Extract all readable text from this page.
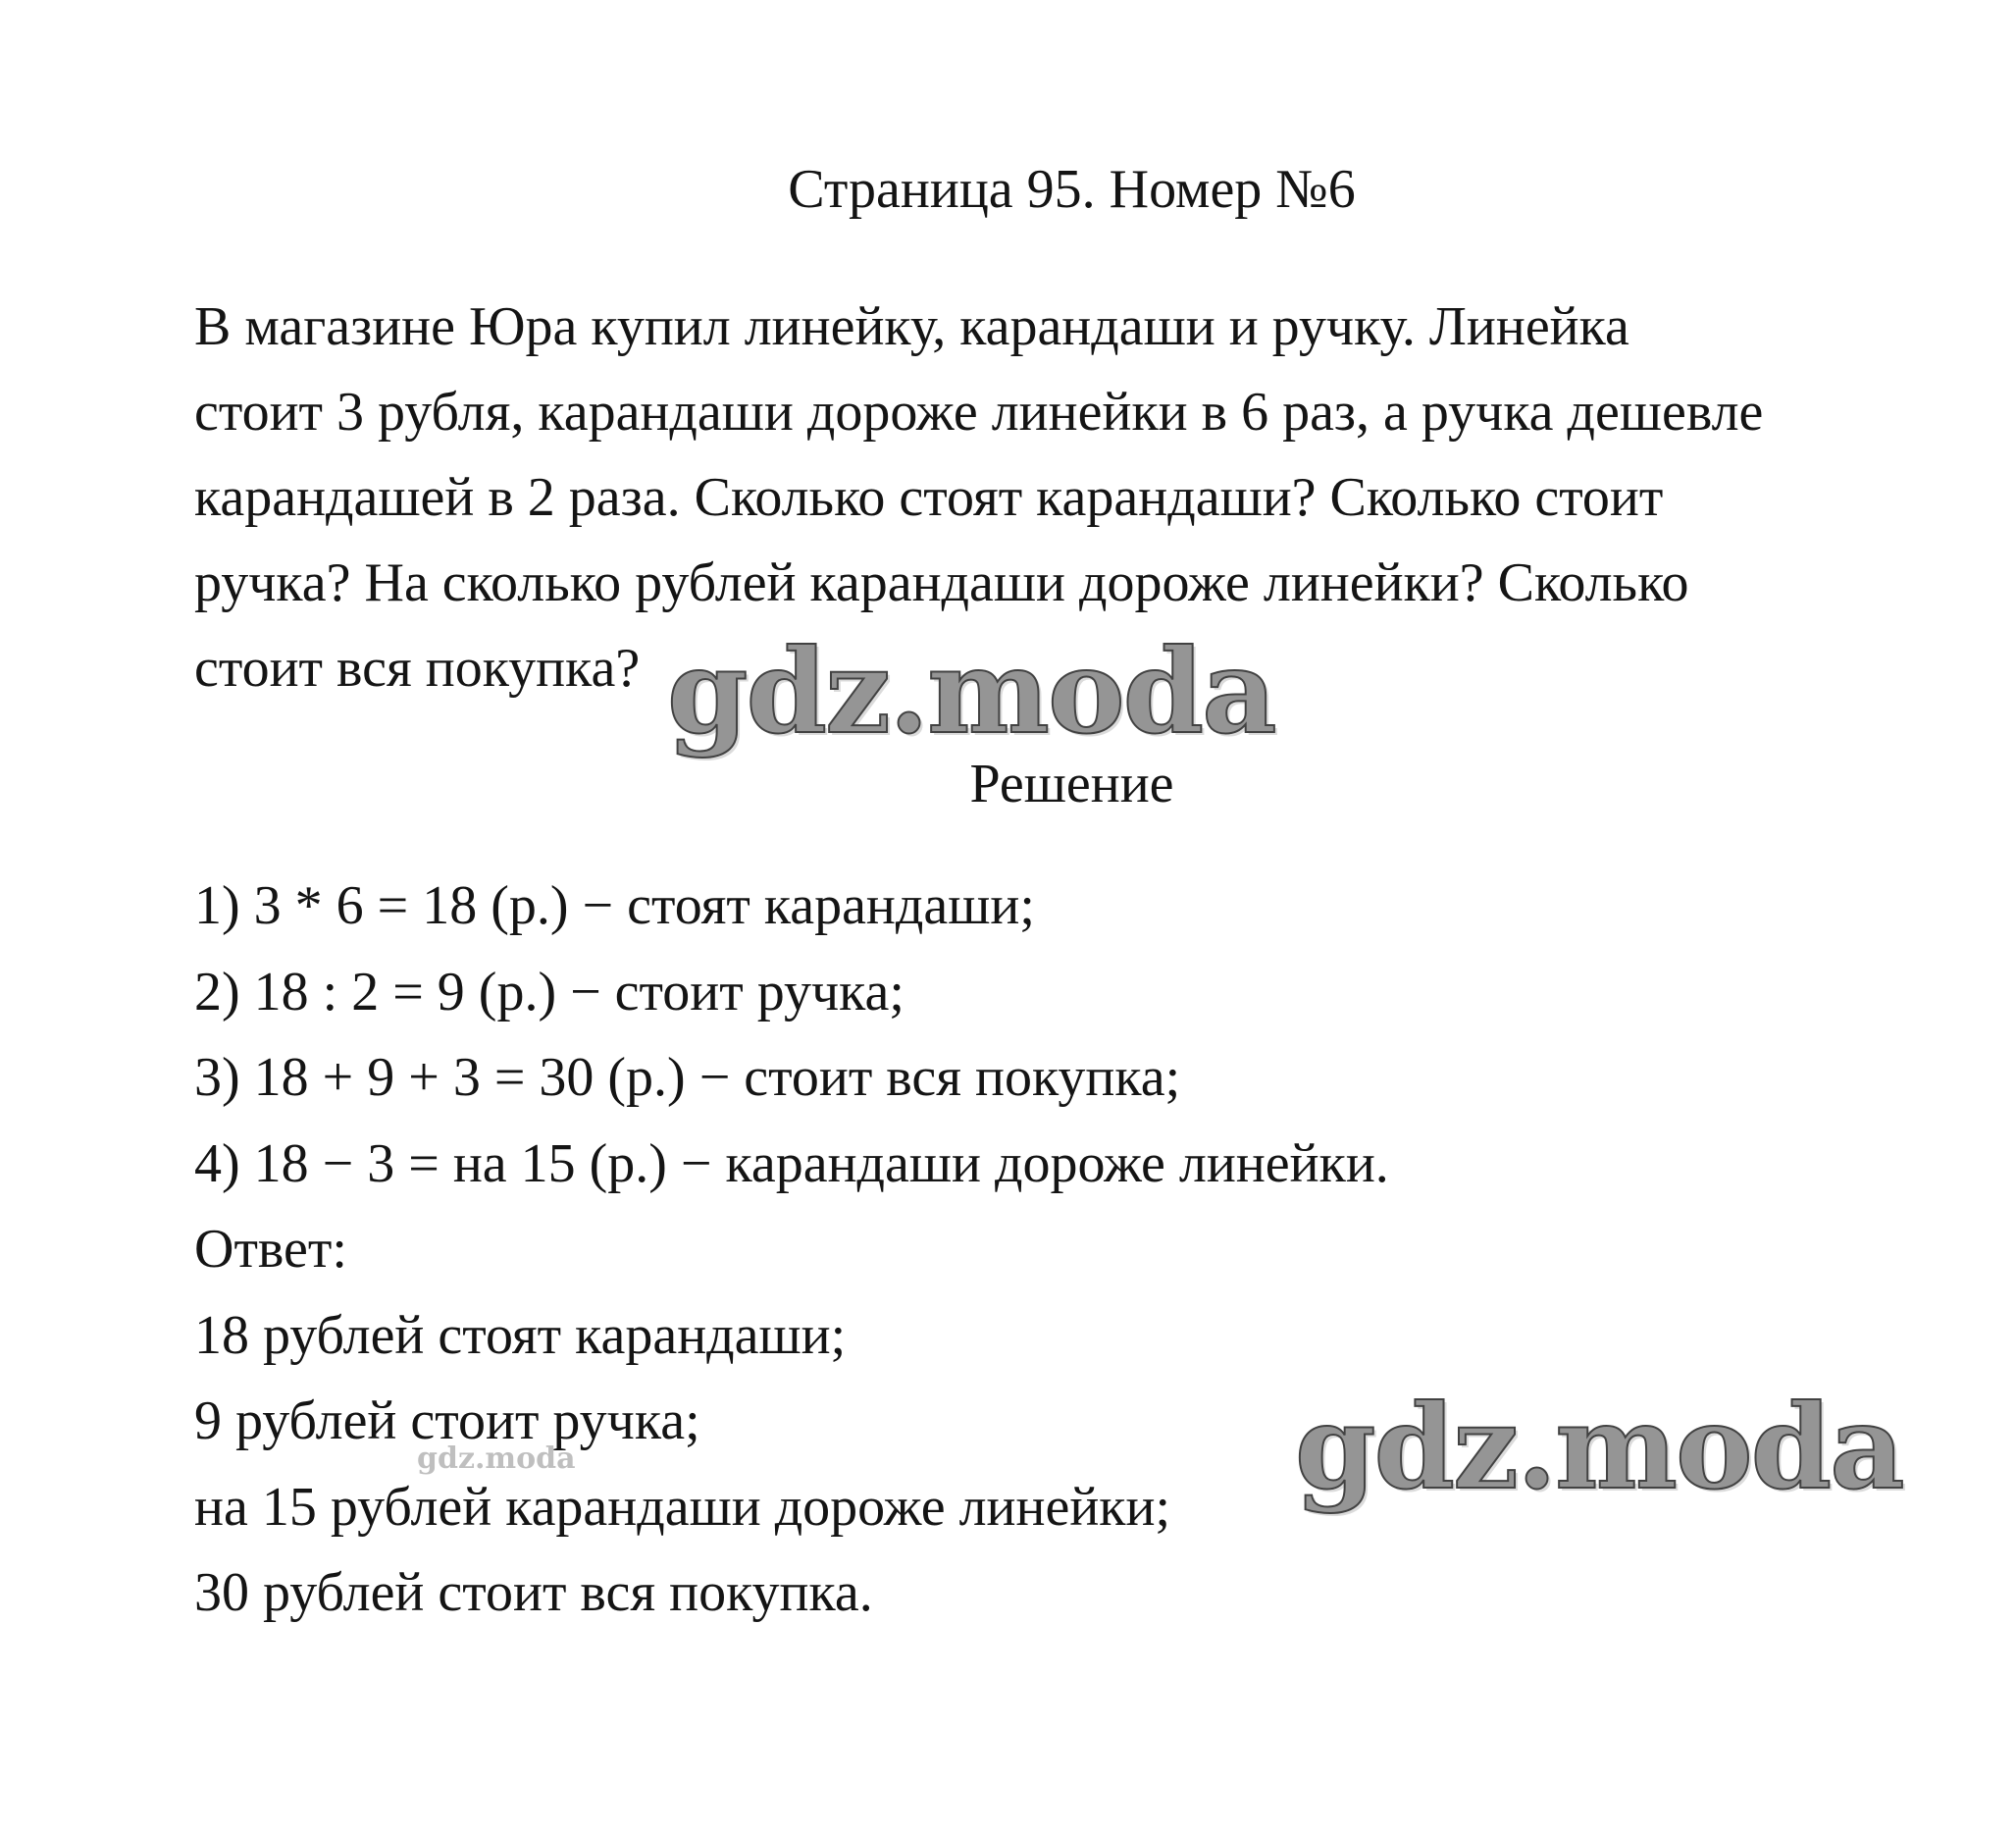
Страница 95. Номер №6
В магазине Юра купил линейку, карандаши и ручку. Линейка
стоит 3 рубля, карандаши дороже линейки в 6 раз, а ручка дешевле
карандашей в 2 раза. Сколько стоят карандаши? Сколько стоит
ручка? На сколько рублей карандаши дороже линейки? Сколько
стоит вся покупка?
Решение
1) 3 * 6 = 18 (р.) − стоят карандаши;
2) 18 : 2 = 9 (р.) − стоит ручка;
3) 18 + 9 + 3 = 30 (р.) − стоит вся покупка;
4) 18 − 3 = на 15 (р.) − карандаши дороже линейки.
Ответ:
18 рублей стоят карандаши;
9 рублей стоит ручка;
на 15 рублей карандаши дороже линейки;
30 рублей стоит вся покупка.
gdz.moda
gdz.moda
gdz.moda
